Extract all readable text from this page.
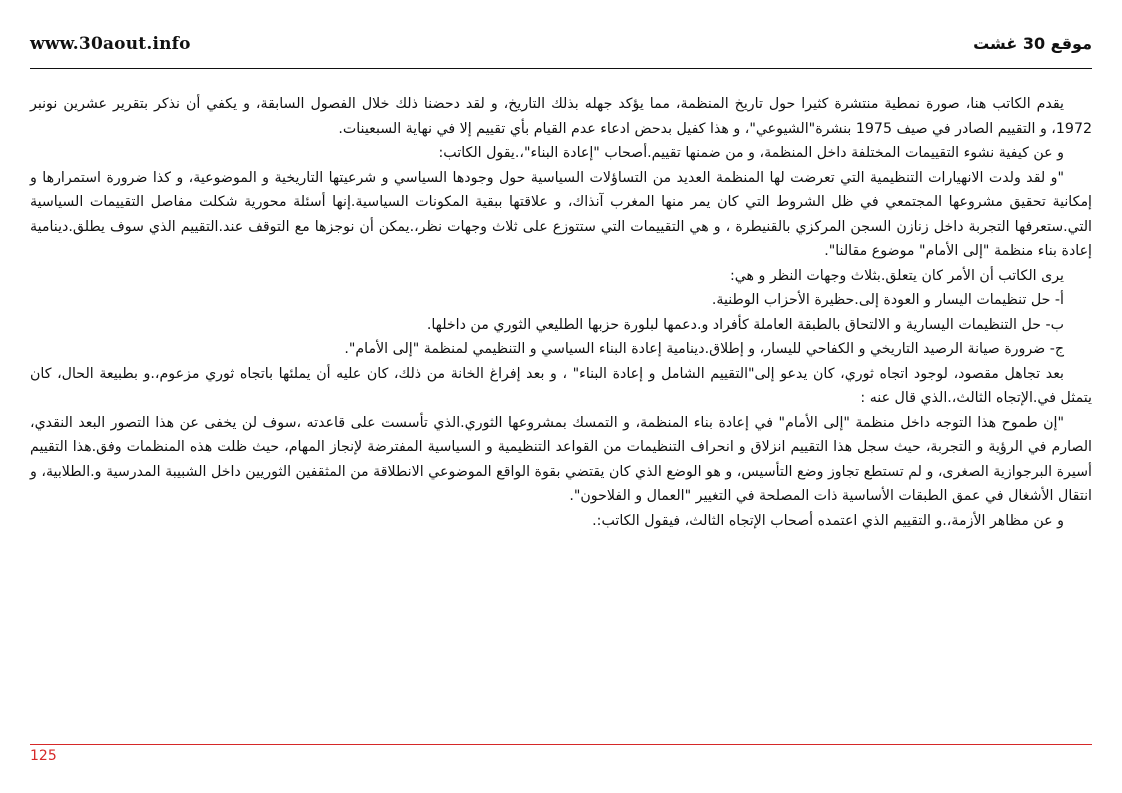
www.30aout.info	موقع 30 غشت

يقدم الكاتب هنا، صورة نمطية منتشرة كثيرا حول تاريخ المنظمة، مما يؤكد جهله بذلك التاريخ، و لقد دحضنا ذلك خلال الفصول السابقة، و يكفي أن نذكر بتقرير عشرين نونبر 1972، و التقييم الصادر في صيف 1975 بنشرة"الشيوعي"، و هذا كفيل بدحض ادعاء عدم القيام بأي تقييم إلا في نهاية السبعينات.

و عن كيفية نشوء التقييمات المختلفة داخل المنظمة، و من ضمنها تقييم.أصحاب "إعادة البناء"،.يقول الكاتب:

"و لقد ولدت الانهيارات التنظيمية التي تعرضت لها المنظمة العديد من التساؤلات السياسية حول وجودها السياسي و شرعيتها التاريخية و الموضوعية، و كذا ضرورة استمرارها و إمكانية تحقيق مشروعها المجتمعي في ظل الشروط التي كان يمر منها المغرب آنذاك، و علاقتها ببقية المكونات السياسية.إنها أسئلة محورية شكلت مفاصل التقييمات السياسية التي.ستعرفها التجربة داخل زنازن السجن المركزي بالقنيطرة ، و هي التقييمات التي ستتوزع على ثلاث وجهات نظر،.يمكن أن نوجزها مع التوقف عند.التقييم الذي سوف يطلق.دينامية إعادة بناء منظمة "إلى الأمام" موضوع مقالنا".

يرى الكاتب أن الأمر كان يتعلق.بثلاث وجهات النظر و هي:

أ- حل تنظيمات اليسار و العودة إلى.حظيرة الأحزاب الوطنية.

ب- حل التنظيمات اليسارية و الالتحاق بالطبقة العاملة كأفراد و.دعمها لبلورة حزبها الطليعي الثوري من داخلها.

ج- ضرورة صيانة الرصيد التاريخي و الكفاحي لليسار، و إطلاق.دينامية إعادة البناء السياسي و التنظيمي لمنظمة "إلى الأمام".

بعد تجاهل مقصود، لوجود اتجاه ثوري، كان يدعو إلى"التقييم الشامل و إعادة البناء" ، و بعد إفراغ الخانة من ذلك، كان عليه أن يملئها باتجاه ثوري مزعوم،.و بطبيعة الحال، كان يتمثل في.الإتجاه الثالث،.الذي قال عنه :

"إن طموح هذا التوجه داخل منظمة "إلى الأمام" في إعادة بناء المنظمة، و التمسك بمشروعها الثوري.الذي تأسست على قاعدته ،سوف لن يخفى عن هذا التصور البعد النقدي، الصارم في الرؤية و التجربة، حيث سجل هذا التقييم انزلاق و انحراف التنظيمات من القواعد التنظيمية و السياسية المفترضة لإنجاز المهام، حيث ظلت هذه المنظمات وفق.هذا التقييم أسيرة البرجوازية الصغرى، و لم تستطع تجاوز وضع التأسيس، و هو الوضع الذي كان يقتضي بقوة الواقع الموضوعي الانطلاقة من المثقفين الثوريين داخل الشبيبة المدرسية و.الطلابية، و انتقال الأشغال في عمق الطبقات الأساسية ذات المصلحة في التغيير "العمال و الفلاحون".

و عن مظاهر الأزمة،.و التقييم الذي اعتمده أصحاب الإتجاه الثالث، فيقول الكاتب:.

125
